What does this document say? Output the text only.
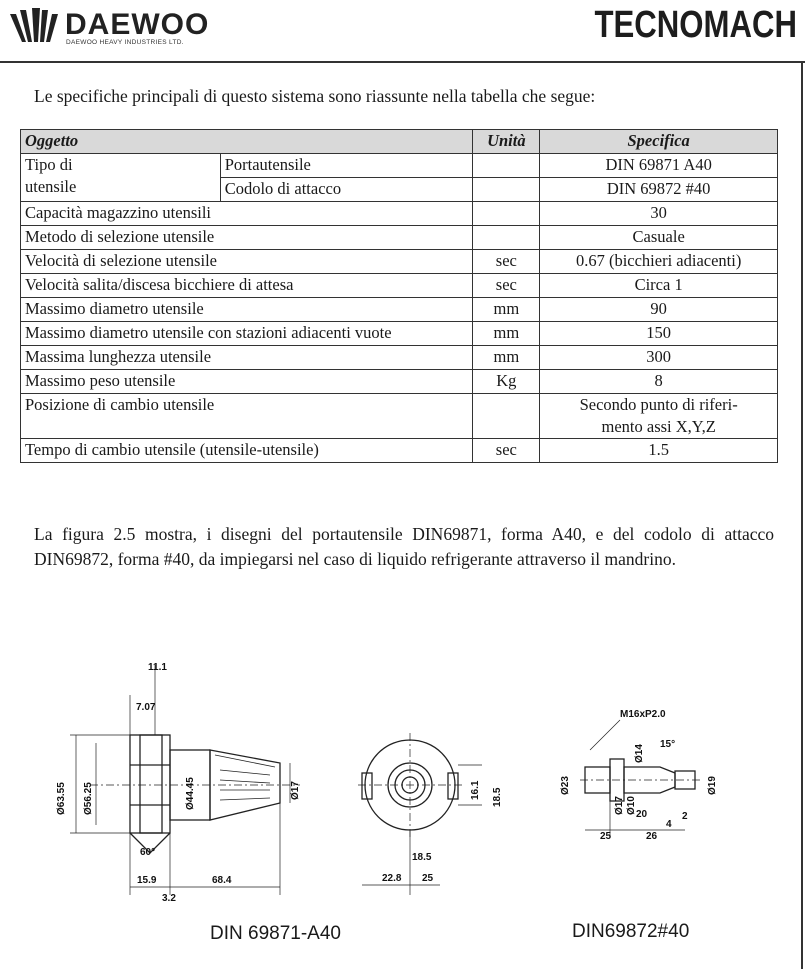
DAEWOO
DAEWOO HEAVY INDUSTRIES LTD.	TECNOMACH
Le specifiche principali di questo sistema sono riassunte nella tabella che segue:
Oggetto		Unità	Specifica

Tipo di
utensile	Portautensile		DIN 69871 A40
	Codolo di attacco		DIN 69872 #40
Capacità magazzino utensili			30
Metodo di selezione utensile			Casuale
Velocità di selezione utensile		sec	0.67 (bicchieri adiacenti)
Velocità salita/discesa bicchiere di attesa		sec	Circa 1
Massimo diametro utensile		mm	90
Massimo diametro utensile con stazioni adiacenti vuote		mm	150
Massima lunghezza utensile		mm	300
Massimo peso utensile		Kg	8
Posizione di cambio utensile			Secondo punto di riferi-
mento assi X,Y,Z

Tempo di cambio utensile (utensile-utensile)		sec	1.5
La figura 2.5 mostra, i disegni del portautensile DIN69871, forma A40, e del codolo di attacco DIN69872, forma #40, da impiegarsi nel caso di liquido refrigerante attraverso il mandrino.
11.1
7.07
Ø63.55 Ø56.25	Ø44.45	Ø17
60°
15.9	68.4
3.2
16.1 18.5
18.5
22.8 25
M16xP2.0
Ø23
Ø14 15°
Ø17 Ø10 20
Ø19
4
2
25	26
DIN 69871-A40	DIN69872#40
